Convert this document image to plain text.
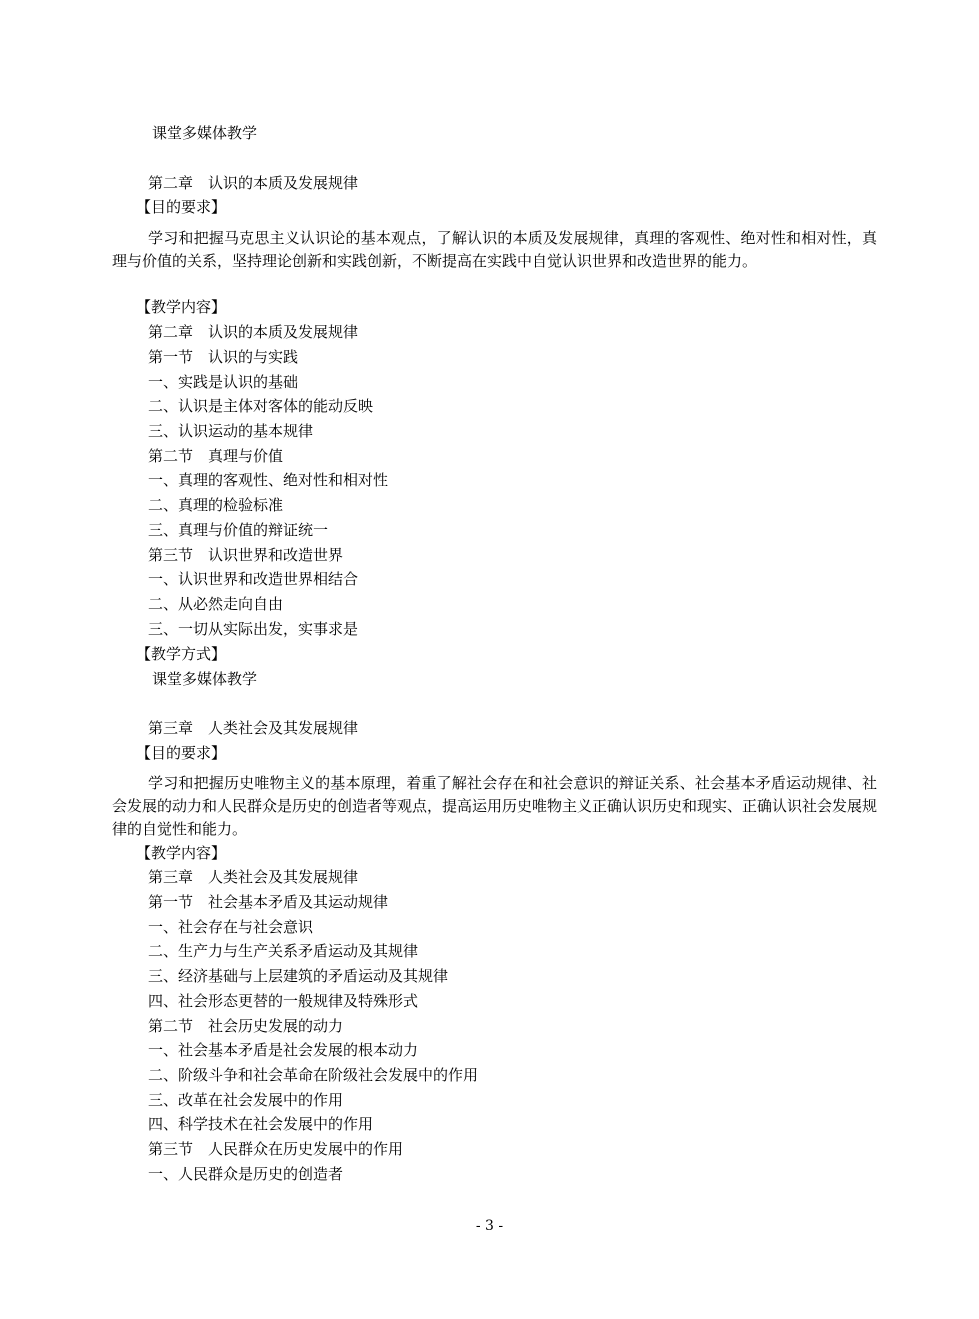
课堂多媒体教学
第二章　认识的本质及发展规律
【目的要求】
学习和把握马克思主义认识论的基本观点，了解认识的本质及发展规律，真理的客观性、绝对性和相对性，真理与价值的关系，坚持理论创新和实践创新，不断提高在实践中自觉认识世界和改造世界的能力。
【教学内容】
第二章　认识的本质及发展规律
第一节　认识的与实践
一、实践是认识的基础
二、认识是主体对客体的能动反映
三、认识运动的基本规律
第二节　真理与价值
一、真理的客观性、绝对性和相对性
二、真理的检验标准
三、真理与价值的辩证统一
第三节　认识世界和改造世界
一、认识世界和改造世界相结合
二、从必然走向自由
三、一切从实际出发，实事求是
【教学方式】
课堂多媒体教学
第三章　人类社会及其发展规律
【目的要求】
学习和把握历史唯物主义的基本原理，着重了解社会存在和社会意识的辩证关系、社会基本矛盾运动规律、社会发展的动力和人民群众是历史的创造者等观点，提高运用历史唯物主义正确认识历史和现实、正确认识社会发展规律的自觉性和能力。
【教学内容】
第三章　人类社会及其发展规律
第一节　社会基本矛盾及其运动规律
一、社会存在与社会意识
二、生产力与生产关系矛盾运动及其规律
三、经济基础与上层建筑的矛盾运动及其规律
四、社会形态更替的一般规律及特殊形式
第二节　社会历史发展的动力
一、社会基本矛盾是社会发展的根本动力
二、阶级斗争和社会革命在阶级社会发展中的作用
三、改革在社会发展中的作用
四、科学技术在社会发展中的作用
第三节　人民群众在历史发展中的作用
一、人民群众是历史的创造者
- 3 -
